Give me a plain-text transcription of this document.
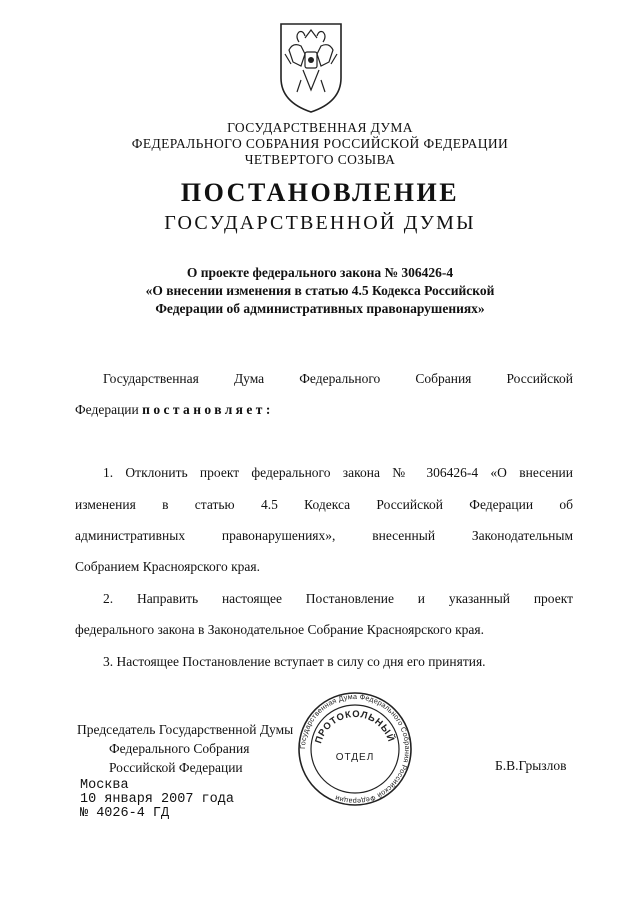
ГОСУДАРСТВЕННАЯ ДУМА
ФЕДЕРАЛЬНОГО СОБРАНИЯ РОССИЙСКОЙ ФЕДЕРАЦИИ
ЧЕТВЕРТОГО СОЗЫВА
ПОСТАНОВЛЕНИЕ
ГОСУДАРСТВЕННОЙ ДУМЫ
О проекте федерального закона № 306426-4
«О внесении изменения в статью 4.5 Кодекса Российской
Федерации об административных правонарушениях»
Государственная Дума Федерального Собрания Российской
Федерации постановляет:
1. Отклонить проект федерального закона № 306426-4 «О внесении
изменения в статью 4.5 Кодекса Российской Федерации об
административных правонарушениях», внесенный Законодательным
Собранием Красноярского края.
2. Направить настоящее Постановление и указанный проект
федерального закона в Законодательное Собрание Красноярского края.
3. Настоящее Постановление вступает в силу со дня его принятия.
Председатель Государственной Думы
Федерального Собрания
Российской Федерации	Б.В.Грызлов
Государственная Дума Федерального Собрания Российской Федерации
ПРОТОКОЛЬНЫЙ
ОТДЕЛ
Москва
10 января 2007 года
№ 4026-4 ГД
